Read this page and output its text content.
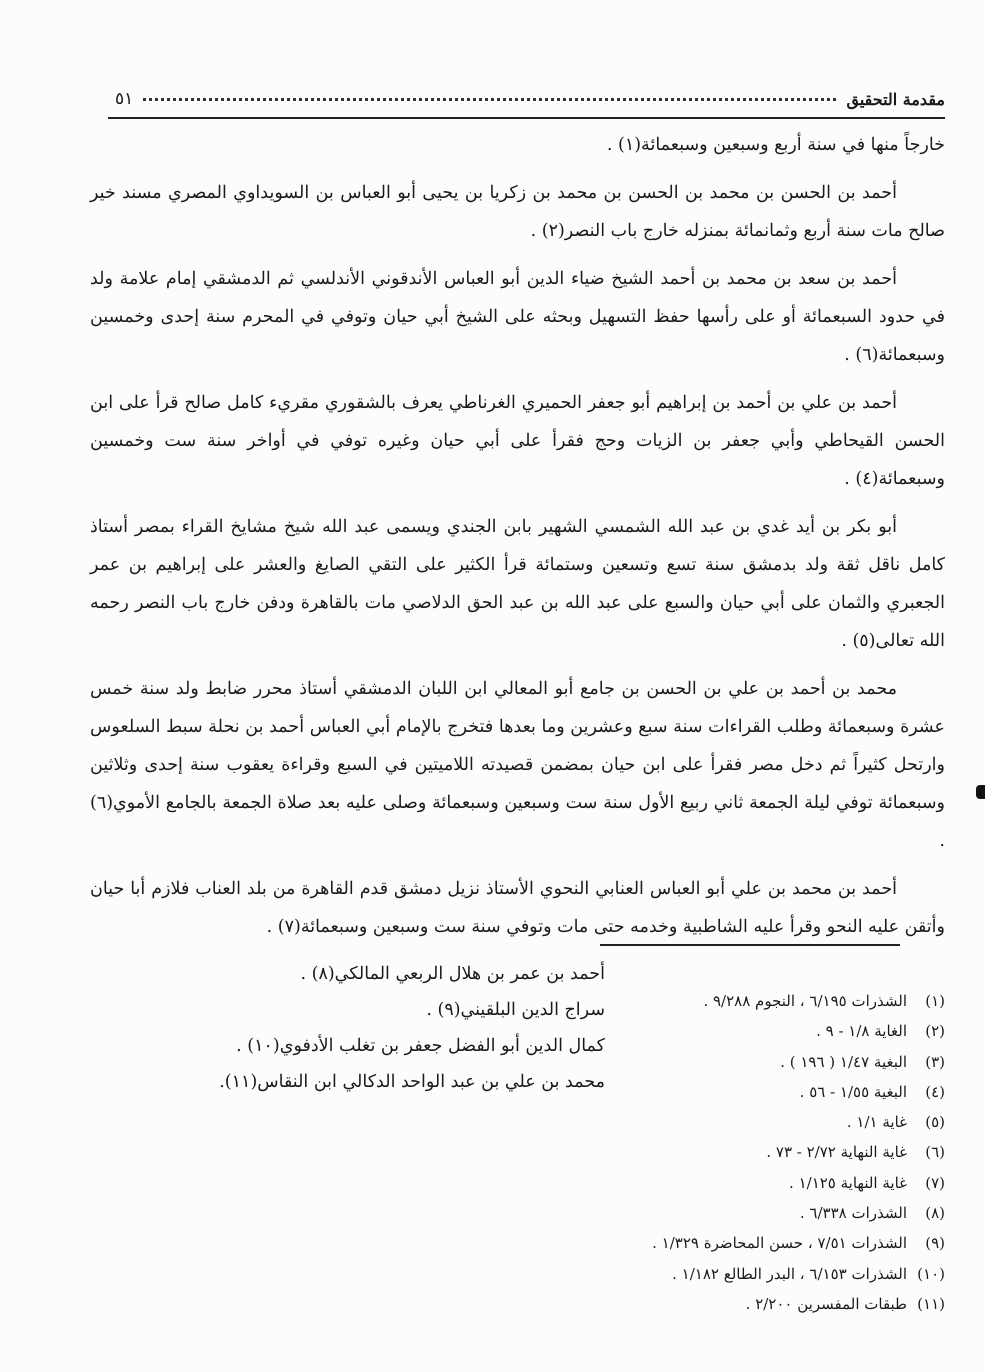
مقدمة التحقيق
٥١

خارجاً منها في سنة أربع وسبعين وسبعمائة(١) .

أحمد بن الحسن بن محمد بن الحسن بن محمد بن زكريا بن يحيى أبو العباس بن السويداوي المصري مسند خير صالح مات سنة أربع وثمانمائة بمنزله خارج باب النصر(٢) .

أحمد بن سعد بن محمد بن أحمد الشيخ ضياء الدين أبو العباس الأندقوني الأندلسي ثم الدمشقي إمام علامة ولد في حدود السبعمائة أو على رأسها حفظ التسهيل وبحثه على الشيخ أبي حيان وتوفي في المحرم سنة إحدى وخمسين وسبعمائة(٦) .

أحمد بن علي بن أحمد بن إبراهيم أبو جعفر الحميري الغرناطي يعرف بالشقوري مقريء كامل صالح قرأ على ابن الحسن القيحاطي وأبي جعفر بن الزيات وحج فقرأ على أبي حيان وغيره توفي في أواخر سنة ست وخمسين وسبعمائة(٤) .

أبو بكر بن أيد غدي بن عبد الله الشمسي الشهير بابن الجندي ويسمى عبد الله شيخ مشايخ القراء بمصر أستاذ كامل ناقل ثقة ولد بدمشق سنة تسع وتسعين وستمائة قرأ الكثير على التقي الصايغ والعشر على إبراهيم بن عمر الجعبري والثمان على أبي حيان والسبع على عبد الله بن عبد الحق الدلاصي مات بالقاهرة ودفن خارج باب النصر رحمه الله تعالى(٥) .

محمد بن أحمد بن علي بن الحسن بن جامع أبو المعالي ابن اللبان الدمشقي أستاذ محرر ضابط ولد سنة خمس عشرة وسبعمائة وطلب القراءات سنة سبع وعشرين وما بعدها فتخرج بالإمام أبي العباس أحمد بن نحلة سبط السلعوس وارتحل كثيراً ثم دخل مصر فقرأ على ابن حيان بمضمن قصيدته اللاميتين في السبع وقراءة يعقوب سنة إحدى وثلاثين وسبعمائة توفي ليلة الجمعة ثاني ربيع الأول سنة ست وسبعين وسبعمائة وصلى عليه بعد صلاة الجمعة بالجامع الأموي(٦) .

أحمد بن محمد بن علي أبو العباس العنابي النحوي الأستاذ نزيل دمشق قدم القاهرة من بلد العناب فلازم أبا حيان وأتقن عليه النحو وقرأ عليه الشاطبية وخدمه حتى مات وتوفي سنة ست وسبعين وسبعمائة(٧) .

أحمد بن عمر بن هلال الربعي المالكي(٨) .
سراج الدين البلقيني(٩) .
كمال الدين أبو الفضل جعفر بن تغلب الأدفوي(١٠) .
محمد بن علي بن عبد الواحد الدكالي ابن النقاس(١١).
(١)الشذرات ٦/١٩٥ ، النجوم ٩/٢٨٨ .
(٢)الغاية ١/٨ - ٩ .
(٣)البغية ١/٤٧ ( ١٩٦ ) .
(٤)البغية ١/٥٥ - ٥٦ .
(٥)غاية ١/١ .
(٦)غاية النهاية ٢/٧٢ - ٧٣ .
(٧)غاية النهاية ١/١٢٥ .
(٨)الشذرات ٦/٣٣٨ .
(٩)الشذرات ٧/٥١ ، حسن المحاضرة ١/٣٢٩ .
(١٠)الشذرات ٦/١٥٣ ، البدر الطالع ١/١٨٢ .
(١١)طبقات المفسرين ٢/٢٠٠ .
